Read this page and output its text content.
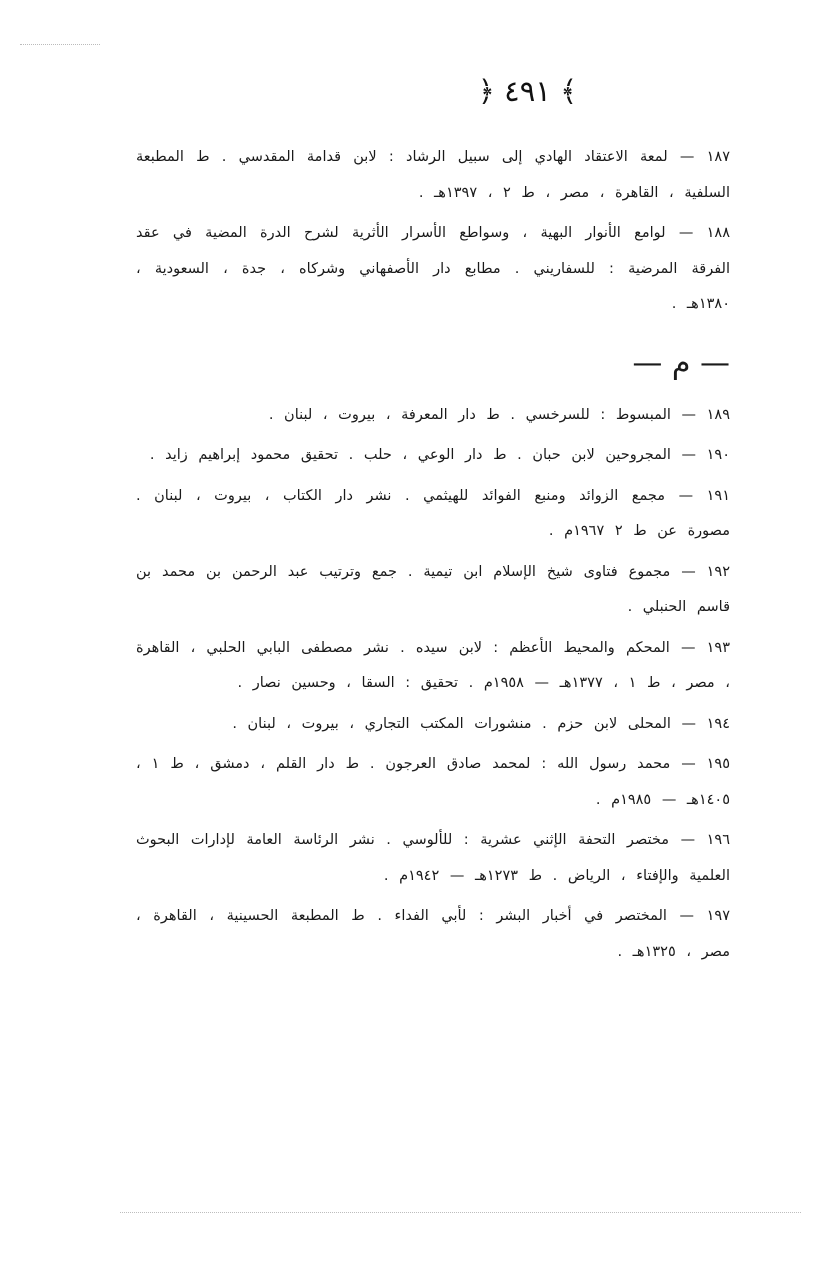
﴿ ٤٩١ ﴾

١٨٧ — لمعة الاعتقاد الهادي إلى سبيل الرشاد : لابن قدامة المقدسي . ط المطبعة السلفية ، القاهرة ، مصر ، ط ٢ ، ١٣٩٧هـ .

١٨٨ — لوامع الأنوار البهية ، وسواطع الأسرار الأثرية لشرح الدرة المضية في عقد الفرقة المرضية : للسفاريني . مطابع دار الأصفهاني وشركاه ، جدة ، السعودية ، ١٣٨٠هـ .

— م —

١٨٩ — المبسوط : للسرخسي . ط دار المعرفة ، بيروت ، لبنان .

١٩٠ — المجروحين لابن حبان . ط دار الوعي ، حلب . تحقيق محمود إبراهيم زايد .

١٩١ — مجمع الزوائد ومنبع الفوائد للهيثمي . نشر دار الكتاب ، بيروت ، لبنان . مصورة عن ط ٢ ١٩٦٧م .

١٩٢ — مجموع فتاوى شيخ الإسلام ابن تيمية . جمع وترتيب عبد الرحمن بن محمد بن قاسم الحنبلي .

١٩٣ — المحكم والمحيط الأعظم : لابن سيده . نشر مصطفى البابي الحلبي ، القاهرة ، مصر ، ط ١ ، ١٣٧٧هـ — ١٩٥٨م . تحقيق : السقا ، وحسين نصار .

١٩٤ — المحلى لابن حزم . منشورات المكتب التجاري ، بيروت ، لبنان .

١٩٥ — محمد رسول الله : لمحمد صادق العرجون . ط دار القلم ، دمشق ، ط ١ ، ١٤٠٥هـ — ١٩٨٥م .

١٩٦ — مختصر التحفة الإثني عشرية : للألوسي . نشر الرئاسة العامة لإدارات البحوث العلمية والإفتاء ، الرياض . ط ١٢٧٣هـ — ١٩٤٢م .

١٩٧ — المختصر في أخبار البشر : لأبي الفداء . ط المطبعة الحسينية ، القاهرة ، مصر ، ١٣٢٥هـ .
